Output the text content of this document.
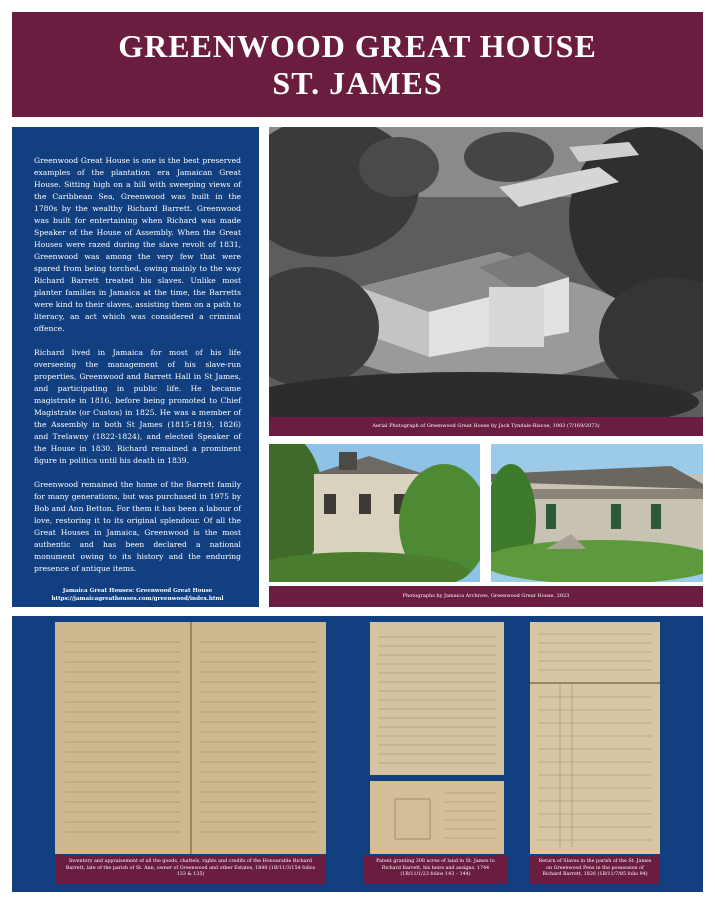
GREENWOOD GREAT HOUSE
ST. JAMES

Greenwood Great House is one is the best preserved examples of the plantation era Jamaican Great House. Sitting high on a hill with sweeping views of the Caribbean Sea, Greenwood was built in the 1780s by the wealthy Richard Barrett. Greenwood was built for entertaining when Richard was made Speaker of the House of Assembly. When the Great Houses were razed during the slave revolt of 1831, Greenwood was among the very few that were spared from being torched, owing mainly to the way Richard Barrett treated his slaves. Unlike most planter families in Jamaica at the time, the Barretts were kind to their slaves, assisting them on a path to literacy, an act which was considered a criminal offence.

Richard lived in Jamaica for most of his life overseeing the management of his slave-run properties, Greenwood and Barrett Hall in St James, and participating in public life. He became magistrate in 1816, before being promoted to Chief Magistrate (or Custos) in 1825. He was a member of the Assembly in both St James (1815-1819, 1826) and Trelawny (1822-1824), and elected Speaker of the House in 1830. Richard remained a prominent figure in politics until his death in 1839.

Greenwood remained the home of the Barrett family for many generations, but was purchased in 1975 by Bob and Ann Betton. For them it has been a labour of love, restoring it to its original splendour. Of all the Great Houses in Jamaica, Greenwood is the most authentic and has been declared a national monument owing to its history and the enduring presence of antique items.

Jamaica Great Houses: Greenwood Great House
https://jamaicagreathouses.com/greenwood/index.html
Aerial Photograph of Greenwood Great House by Jack Tyndale-Biscoe, 1983 (7/169/2073)
Photographs by Jamaica Archives, Greenwood Great House, 2023
Inventory and appraisement of all the goods, chattels, rights and credits of the Honourable Richard Barrett, late of the parish of St. Ann, owner of Greenwood and other Estates, 1840 (1B/11/3/154 folios 133 & 135)
Patent granting 308 acres of land in St. James to Richard Barrett, his heirs and assigns, 1744 (1B/11/1/23 folios 143 – 144)
Return of Slaves in the parish of the St. James on Greenwood Pens in the possession of Richard Barrett, 1826 (1B/11/7/85 folio 94)
